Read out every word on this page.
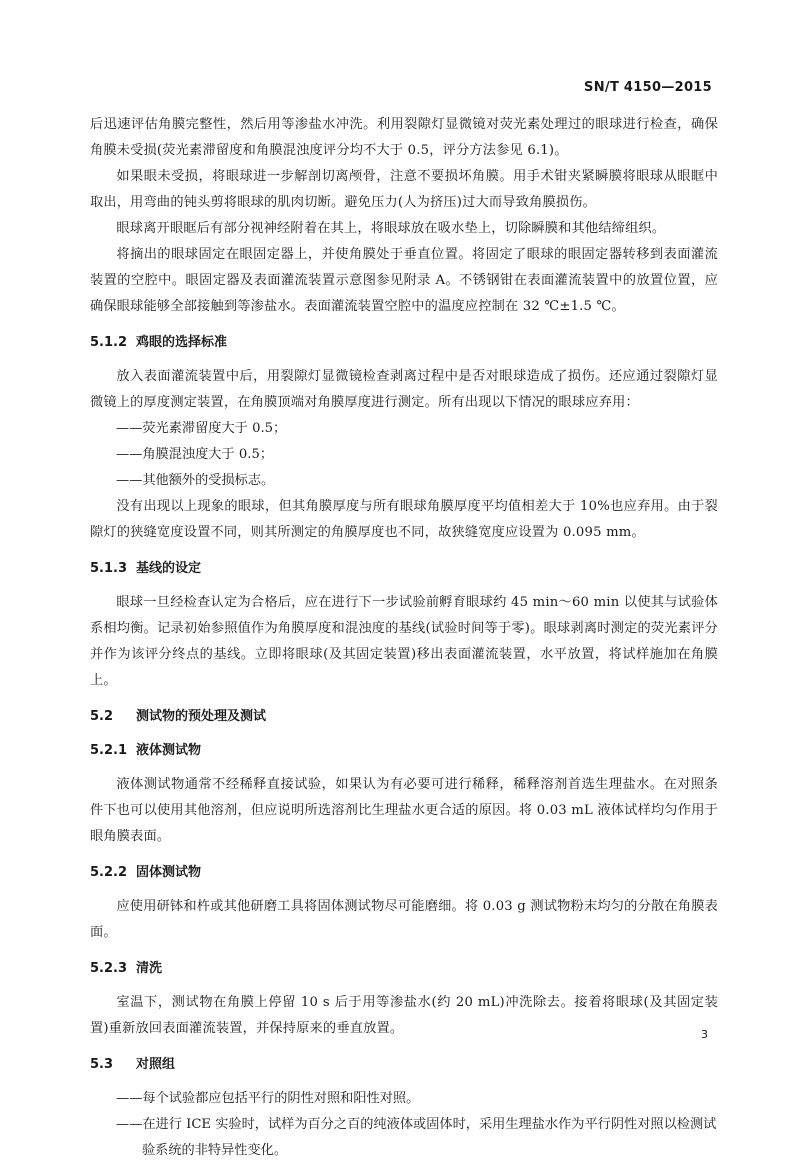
SN/T 4150—2015

后迅速评估角膜完整性，然后用等渗盐水冲洗。利用裂隙灯显微镜对荧光素处理过的眼球进行检查，确保角膜未受损(荧光素滞留度和角膜混浊度评分均不大于 0.5，评分方法参见 6.1)。

如果眼未受损，将眼球进一步解剖切离颅骨，注意不要损坏角膜。用手术钳夹紧瞬膜将眼球从眼眶中取出，用弯曲的钝头剪将眼球的肌肉切断。避免压力(人为挤压)过大而导致角膜损伤。

眼球离开眼眶后有部分视神经附着在其上，将眼球放在吸水垫上，切除瞬膜和其他结缔组织。

将摘出的眼球固定在眼固定器上，并使角膜处于垂直位置。将固定了眼球的眼固定器转移到表面灌流装置的空腔中。眼固定器及表面灌流装置示意图参见附录 A。不锈钢钳在表面灌流装置中的放置位置，应确保眼球能够全部接触到等渗盐水。表面灌流装置空腔中的温度应控制在 32 ℃±1.5 ℃。

5.1.2 鸡眼的选择标准

放入表面灌流装置中后，用裂隙灯显微镜检查剥离过程中是否对眼球造成了损伤。还应通过裂隙灯显微镜上的厚度测定装置，在角膜顶端对角膜厚度进行测定。所有出现以下情况的眼球应弃用：

——荧光素滞留度大于 0.5；

——角膜混浊度大于 0.5；

——其他额外的受损标志。

没有出现以上现象的眼球，但其角膜厚度与所有眼球角膜厚度平均值相差大于 10%也应弃用。由于裂隙灯的狭缝宽度设置不同，则其所测定的角膜厚度也不同，故狭缝宽度应设置为 0.095 mm。

5.1.3 基线的设定

眼球一旦经检查认定为合格后，应在进行下一步试验前孵育眼球约 45 min～60 min 以使其与试验体系相均衡。记录初始参照值作为角膜厚度和混浊度的基线(试验时间等于零)。眼球剥离时测定的荧光素评分并作为该评分终点的基线。立即将眼球(及其固定装置)移出表面灌流装置，水平放置，将试样施加在角膜上。

5.2 测试物的预处理及测试
5.2.1 液体测试物

液体测试物通常不经稀释直接试验，如果认为有必要可进行稀释，稀释溶剂首选生理盐水。在对照条件下也可以使用其他溶剂，但应说明所选溶剂比生理盐水更合适的原因。将 0.03 mL 液体试样均匀作用于眼角膜表面。

5.2.2 固体测试物

应使用研钵和杵或其他研磨工具将固体测试物尽可能磨细。将 0.03 g 测试物粉末均匀的分散在角膜表面。

5.2.3 清洗

室温下，测试物在角膜上停留 10 s 后于用等渗盐水(约 20 mL)冲洗除去。接着将眼球(及其固定装置)重新放回表面灌流装置，并保持原来的垂直放置。

5.3 对照组

——每个试验都应包括平行的阴性对照和阳性对照。

——在进行 ICE 实验时，试样为百分之百的纯液体或固体时，采用生理盐水作为平行阴性对照以检测试验系统的非特异性变化。

3
